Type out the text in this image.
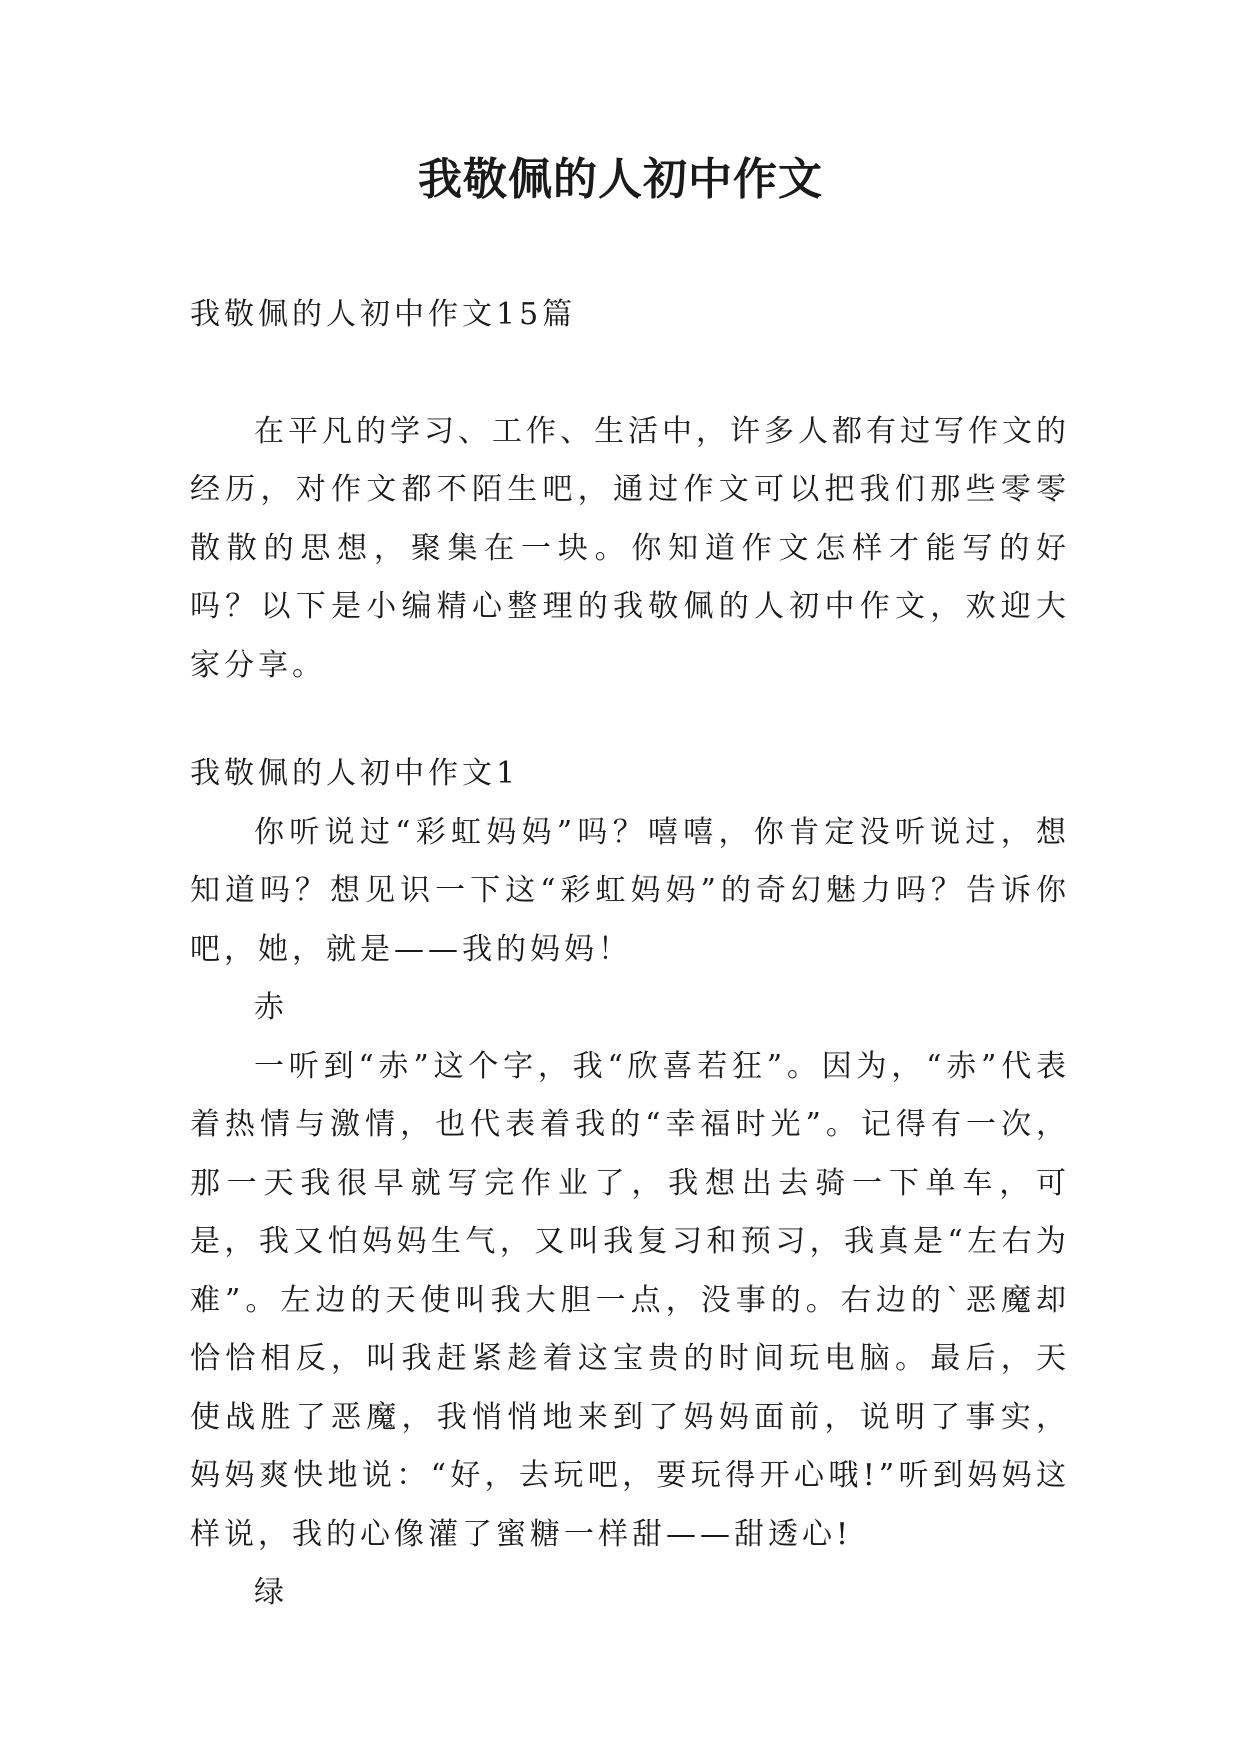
我敬佩的人初中作文

我敬佩的人初中作文15篇

在平凡的学习、工作、生活中，许多人都有过写作文的经历，对作文都不陌生吧，通过作文可以把我们那些零零散散的思想，聚集在一块。你知道作文怎样才能写的好吗？以下是小编精心整理的我敬佩的人初中作文，欢迎大家分享。

我敬佩的人初中作文1

你听说过“彩虹妈妈”吗？嘻嘻，你肯定没听说过，想知道吗？想见识一下这“彩虹妈妈”的奇幻魅力吗？告诉你吧，她，就是——我的妈妈！

赤

一听到“赤”这个字，我“欣喜若狂”。因为，“赤”代表着热情与激情，也代表着我的“幸福时光”。记得有一次，那一天我很早就写完作业了，我想出去骑一下单车，可是，我又怕妈妈生气，又叫我复习和预习，我真是“左右为难”。左边的天使叫我大胆一点，没事的。右边的`恶魔却恰恰相反，叫我赶紧趁着这宝贵的时间玩电脑。最后，天使战胜了恶魔，我悄悄地来到了妈妈面前，说明了事实，妈妈爽快地说：“好，去玩吧，要玩得开心哦!”听到妈妈这样说，我的心像灌了蜜糖一样甜——甜透心!

绿
